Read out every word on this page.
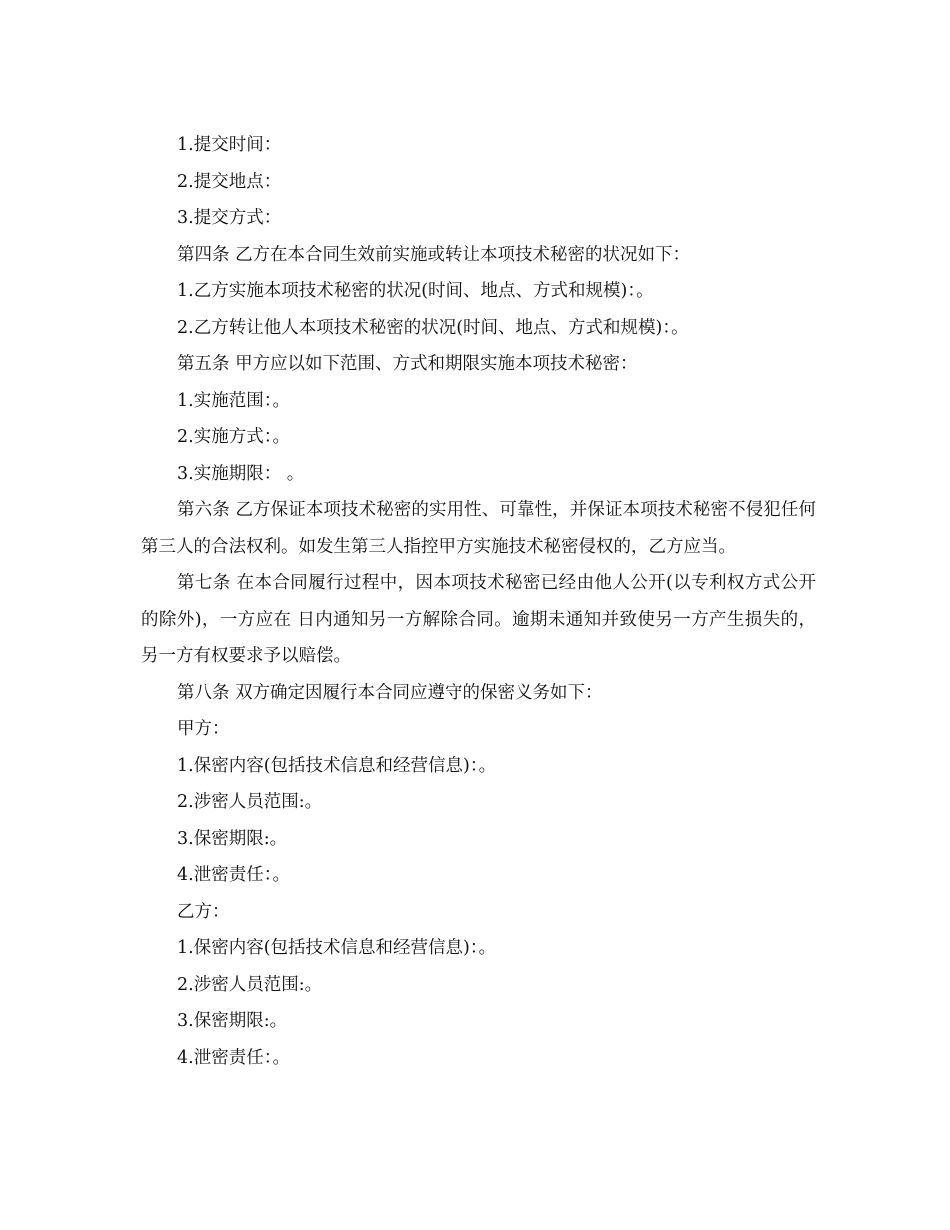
1.提交时间：

2.提交地点：

3.提交方式：

第四条 乙方在本合同生效前实施或转让本项技术秘密的状况如下：

1.乙方实施本项技术秘密的状况(时间、地点、方式和规模)：。

2.乙方转让他人本项技术秘密的状况(时间、地点、方式和规模)：。

第五条 甲方应以如下范围、方式和期限实施本项技术秘密：

1.实施范围：。

2.实施方式：。

3.实施期限： 。

第六条 乙方保证本项技术秘密的实用性、可靠性，并保证本项技术秘密不侵犯任何第三人的合法权利。如发生第三人指控甲方实施技术秘密侵权的，乙方应当。

第七条 在本合同履行过程中，因本项技术秘密已经由他人公开(以专利权方式公开的除外)，一方应在 日内通知另一方解除合同。逾期未通知并致使另一方产生损失的，另一方有权要求予以赔偿。

第八条 双方确定因履行本合同应遵守的保密义务如下：

甲方：

1.保密内容(包括技术信息和经营信息)：。

2.涉密人员范围:。

3.保密期限:。

4.泄密责任：。

乙方：

1.保密内容(包括技术信息和经营信息)：。

2.涉密人员范围:。

3.保密期限:。

4.泄密责任：。
